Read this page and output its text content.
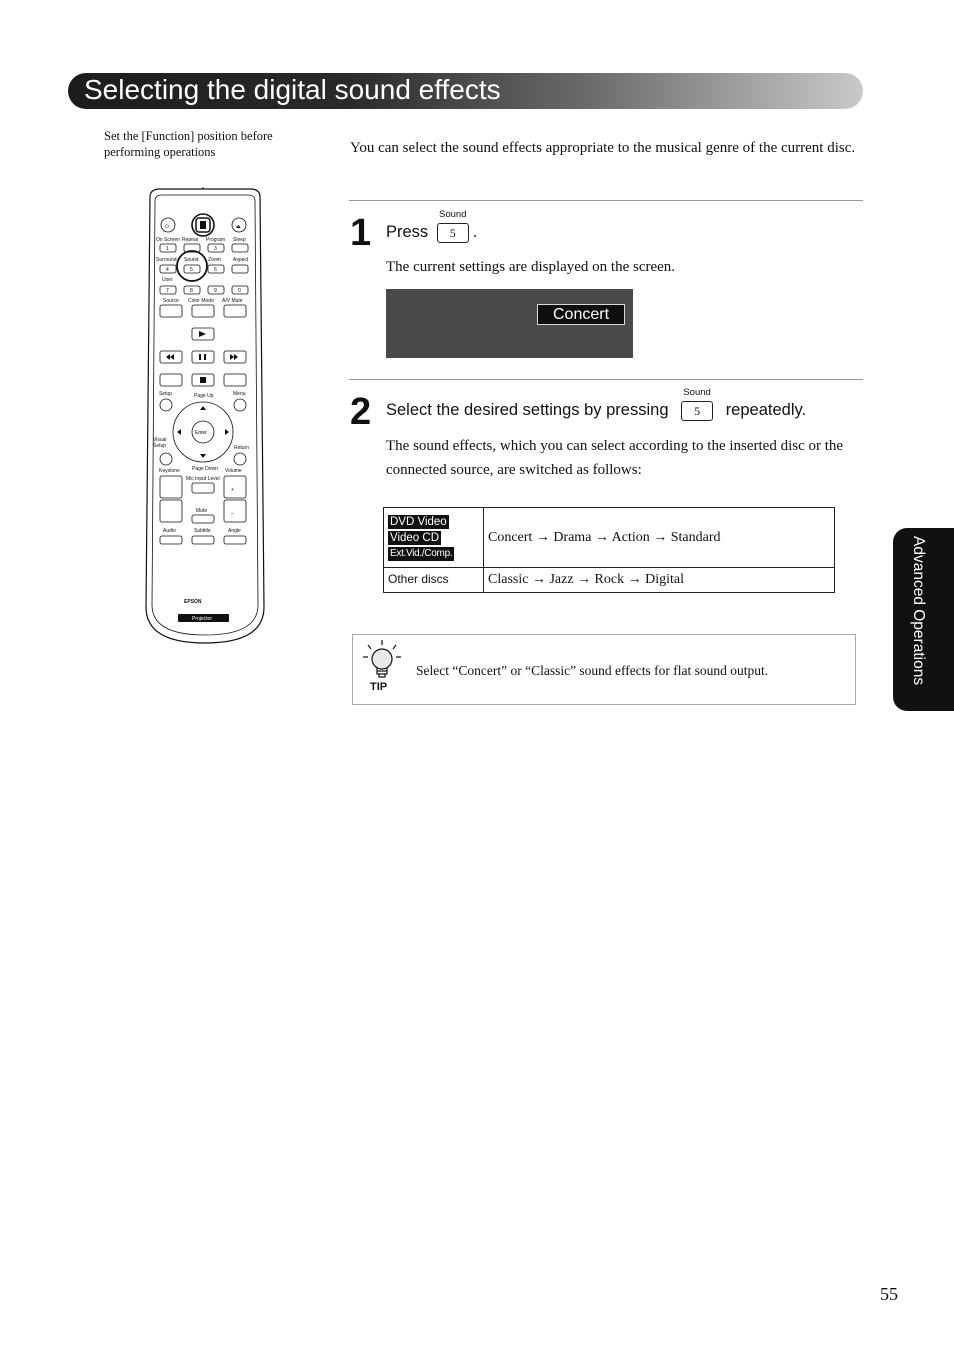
Selecting the digital sound effects
Set the [Function] position before performing operations
⏻	⏏
On Screen Repeat Program Sleep
1	3
Surround Sound Zoom Aspect
4	5	6
User
7	8	9	0
Source Color Mode A/V Mute
Setup	Page Up	Menu
Enter
Visual
Setup	Return
Page Down
Keystone	Volume
Mic Input Level
+
–
Mute
Audio	Subtitle	Angle
EPSON
Projector
You can select the sound effects appropriate to the musical genre of the current disc.
1 Press
Sound
5	.
The current settings are displayed on the screen.
Concert
2 Select the desired settings by pressing
Sound
5	repeatedly.
The sound effects, which you can select according to the inserted disc or the connected source, are switched as follows:
DVD Video
Video CD
Ext.Vid./Comp.	Concert → Drama → Action → Standard
Other discs	Classic → Jazz → Rock → Digital
TIP
Select “Concert” or “Classic” sound effects for flat sound output.	Advanced Operations
55
